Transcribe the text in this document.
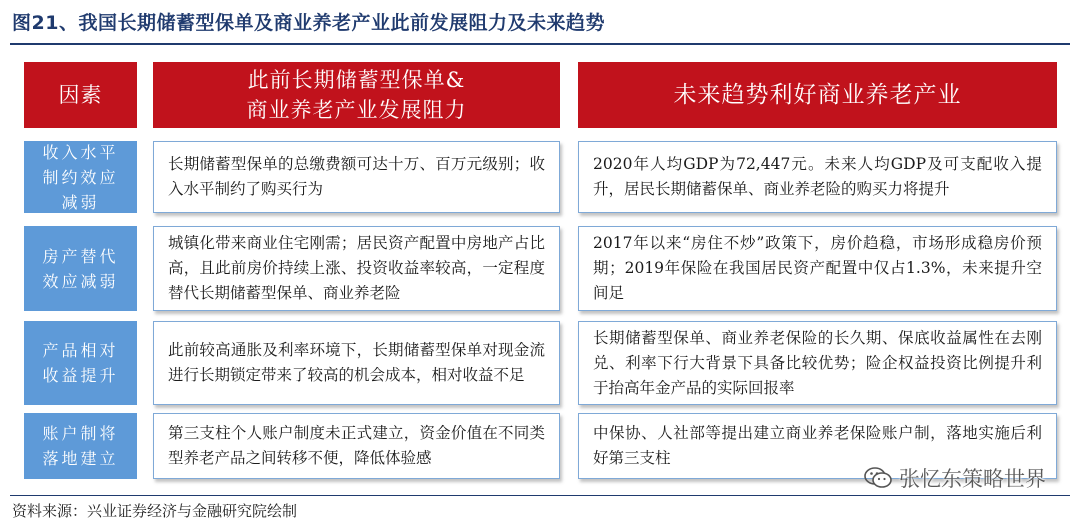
图21、我国长期储蓄型保单及商业养老产业此前发展阻力及未来趋势
因素
此前长期储蓄型保单&
商业养老产业发展阻力
未来趋势利好商业养老产业
收入水平制约效应减弱
长期储蓄型保单的总缴费额可达十万、百万元级别；收入水平制约了购买行为
2020年人均GDP为72,447元。未来人均GDP及可支配收入提升，居民长期储蓄保单、商业养老险的购买力将提升
房产替代效应减弱
城镇化带来商业住宅刚需；居民资产配置中房地产占比高，且此前房价持续上涨、投资收益率较高，一定程度替代长期储蓄型保单、商业养老险
2017年以来“房住不炒”政策下，房价趋稳，市场形成稳房价预期；2019年保险在我国居民资产配置中仅占1.3%，未来提升空间足
产品相对收益提升
此前较高通胀及利率环境下，长期储蓄型保单对现金流进行长期锁定带来了较高的机会成本，相对收益不足
长期储蓄型保单、商业养老保险的长久期、保底收益属性在去刚兑、利率下行大背景下具备比较优势；险企权益投资比例提升利于抬高年金产品的实际回报率
账户制将落地建立
第三支柱个人账户制度未正式建立，资金价值在不同类型养老产品之间转移不便，降低体验感
中保协、人社部等提出建立商业养老保险账户制，落地实施后利好第三支柱
张忆东策略世界
资料来源：兴业证券经济与金融研究院绘制
